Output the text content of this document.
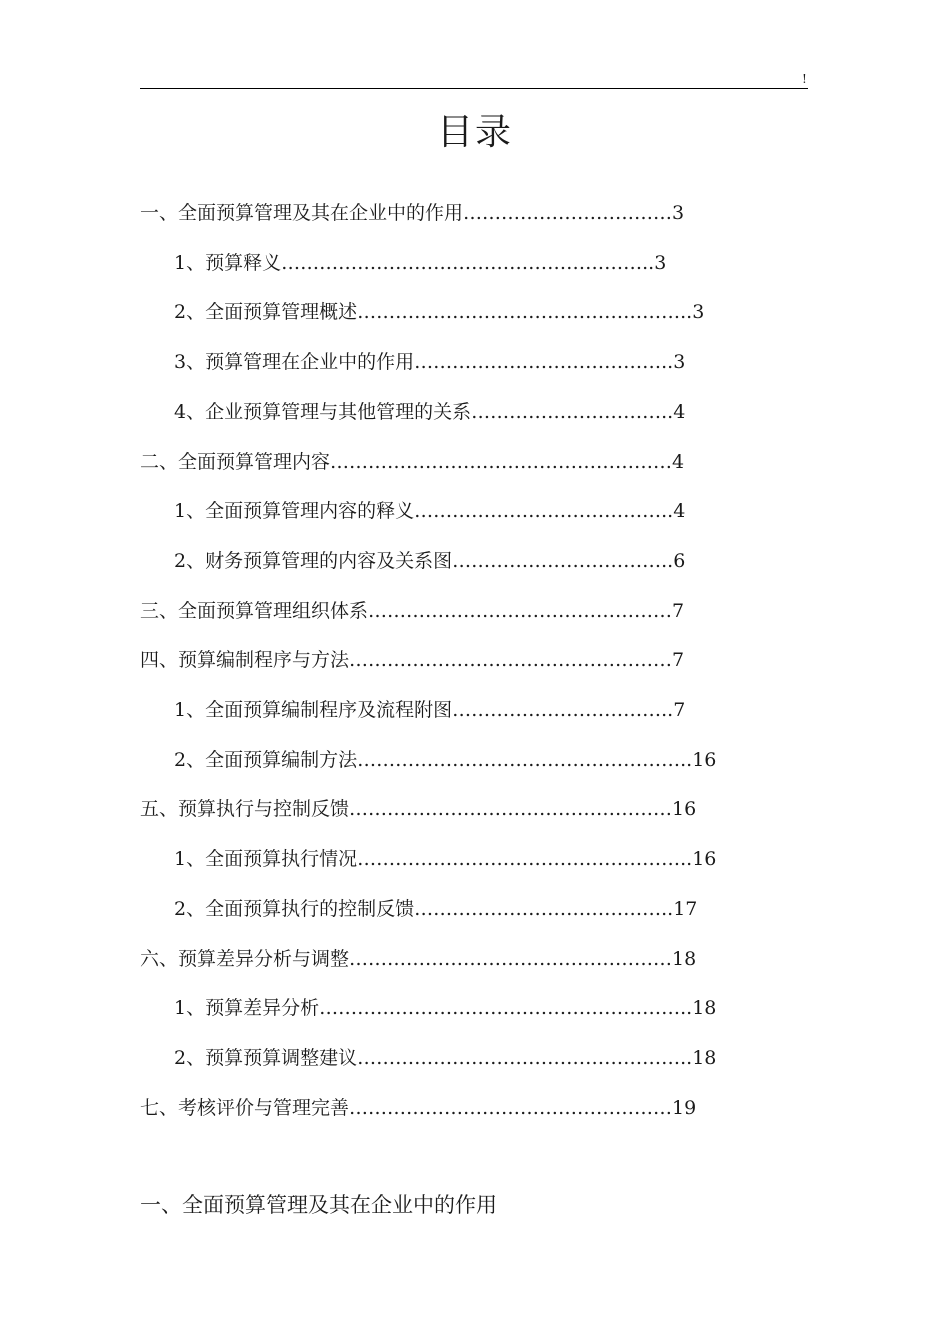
!
目录
一、全面预算管理及其在企业中的作用……………………………3
1、预算释义…………………………………………………..3
2、全面预算管理概述……………………………………………..3
3、预算管理在企业中的作用…………………………………..3
4、企业预算管理与其他管理的关系…………………………..4
二、全面预算管理内容………………………………………………4
1、全面预算管理内容的释义…………………………………..4
2、财务预算管理的内容及关系图……………………………..6
三、全面预算管理组织体系…………………………………………7
四、预算编制程序与方法……………………………………………7
1、全面预算编制程序及流程附图……………………………..7
2、全面预算编制方法……………………………………………..16
五、预算执行与控制反馈……………………………………………16
1、全面预算执行情况……………………………………………..16
2、全面预算执行的控制反馈…………………………………..17
六、预算差异分析与调整……………………………………………18
1、预算差异分析…………………………………………………..18
2、预算预算调整建议……………………………………………..18
七、考核评价与管理完善……………………………………………19
一、全面预算管理及其在企业中的作用
